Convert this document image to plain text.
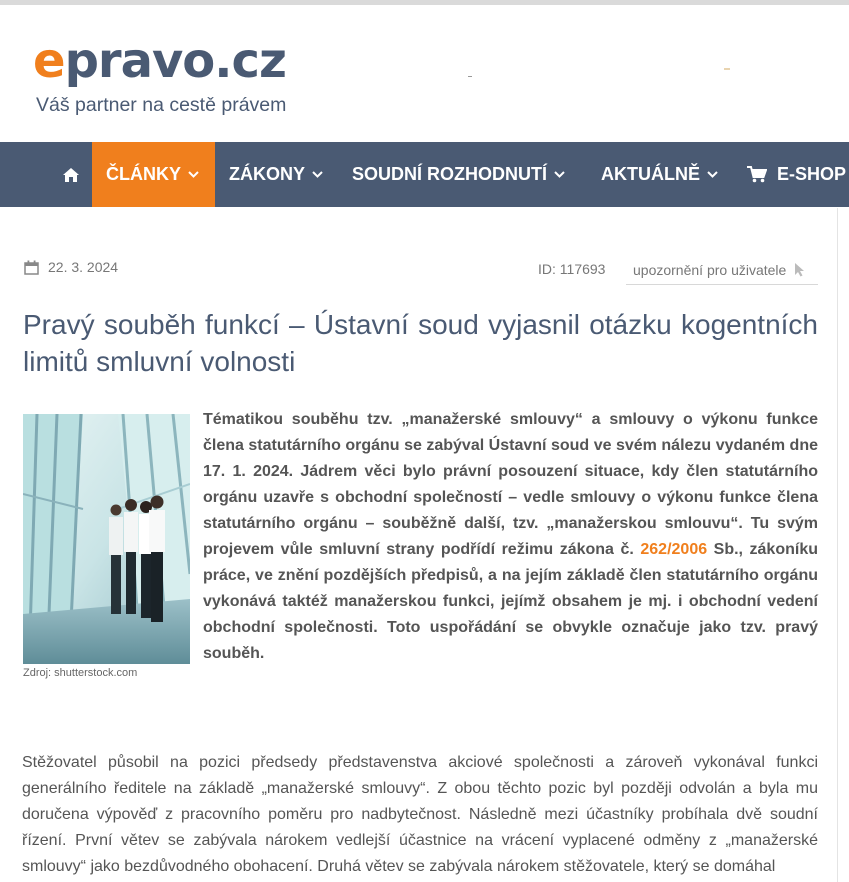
epravo.cz
Váš partner na cestě právem
ČLÁNKY	ZÁKONY	SOUDNÍ ROZHODNUTÍ	AKTUÁLNĚ	E-SHOP
22. 3. 2024	ID: 117693 upozornění pro uživatele
Pravý souběh funkcí – Ústavní soud vyjasnil otázku kogentních limitů smluvní volnosti
Zdroj: shutterstock.com

Tématikou souběhu tzv. „manažerské smlouvy“ a smlouvy o výkonu funkce člena statutárního orgánu se zabýval Ústavní soud ve svém nálezu vydaném dne 17. 1. 2024. Jádrem věci bylo právní posouzení situace, kdy člen statutárního orgánu uzavře s obchodní společností – vedle smlouvy o výkonu funkce člena statutárního orgánu – souběžně další, tzv. „manažerskou smlouvu“. Tu svým projevem vůle smluvní strany podřídí režimu zákona č. 262/2006 Sb., zákoníku práce, ve znění pozdějších předpisů, a na jejím základě člen statutárního orgánu vykonává taktéž manažerskou funkci, jejímž obsahem je mj. i obchodní vedení obchodní společnosti. Toto uspořádání se obvykle označuje jako tzv. pravý souběh.

Stěžovatel působil na pozici předsedy představenstva akciové společnosti a zároveň vykonával funkci generálního ředitele na základě „manažerské smlouvy“. Z obou těchto pozic byl později odvolán a byla mu doručena výpověď z pracovního poměru pro nadbytečnost. Následně mezi účastníky probíhala dvě soudní řízení. První větev se zabývala nárokem vedlejší účastnice na vrácení vyplacené odměny z „manažerské smlouvy“ jako bezdůvodného obohacení. Druhá větev se zabývala nárokem stěžovatele, který se domáhal
